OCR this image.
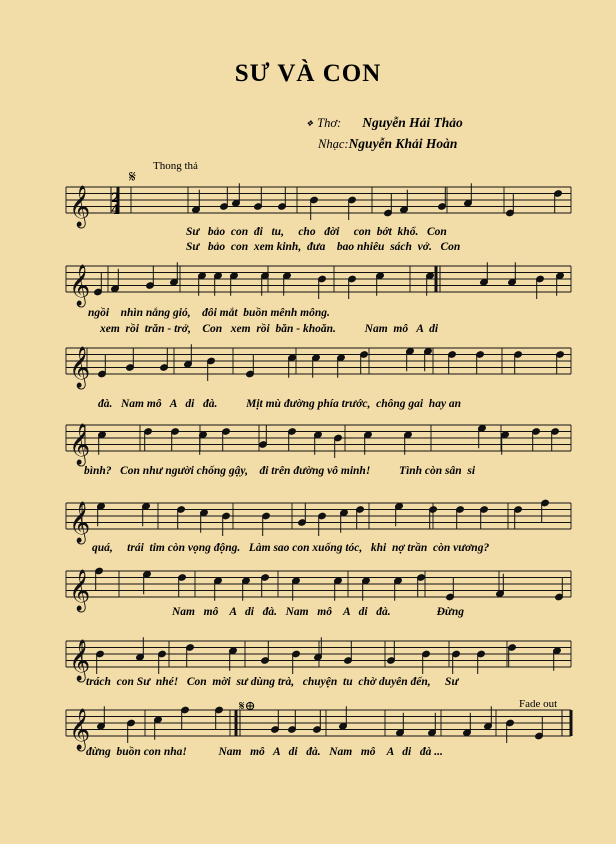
SƯ VÀ CON
❖ Thơ: Nguyễn Hải Thảo
Nhạc:Nguyễn Khải Hoàn
Thong thả
Fade out
𝄞
𝄞
𝄞
𝄞
𝄞
𝄞
𝄞
𝄞
2
4
𝄋
𝄋⊕
Sư   bảo  con  đi   tu,     cho   đời     con  bớt  khổ.   Con
Sư   bảo  con  xem kinh,  đưa    bao nhiêu  sách  vở.   Con
ngồi    nhìn nắng gió,    đôi mắt  buồn mênh mông.
xem  rồi  trăn - trở,    Con   xem  rồi  băn - khoăn.          Nam  mô   A  di
đà.   Nam mô   A   di   đà.          Mịt mù đường phía trước,  chông gai  hay an
bình?   Con như người chống gậy,    đi trên đường vô minh!          Tình còn sân  si
quá,     trái  tim còn vọng động.   Làm sao con xuống tóc,   khi  nợ trần  còn vương?
Nam   mô    A   di   đà.   Nam   mô    A   di   đà.                Đừng
trách  con Sư  nhé!   Con  mời  sư dùng trà,   chuyện  tu  chờ duyên đến,     Sư
đừng  buồn con nha!           Nam   mô   A   di   đà.   Nam   mô    A   di   đà ...
